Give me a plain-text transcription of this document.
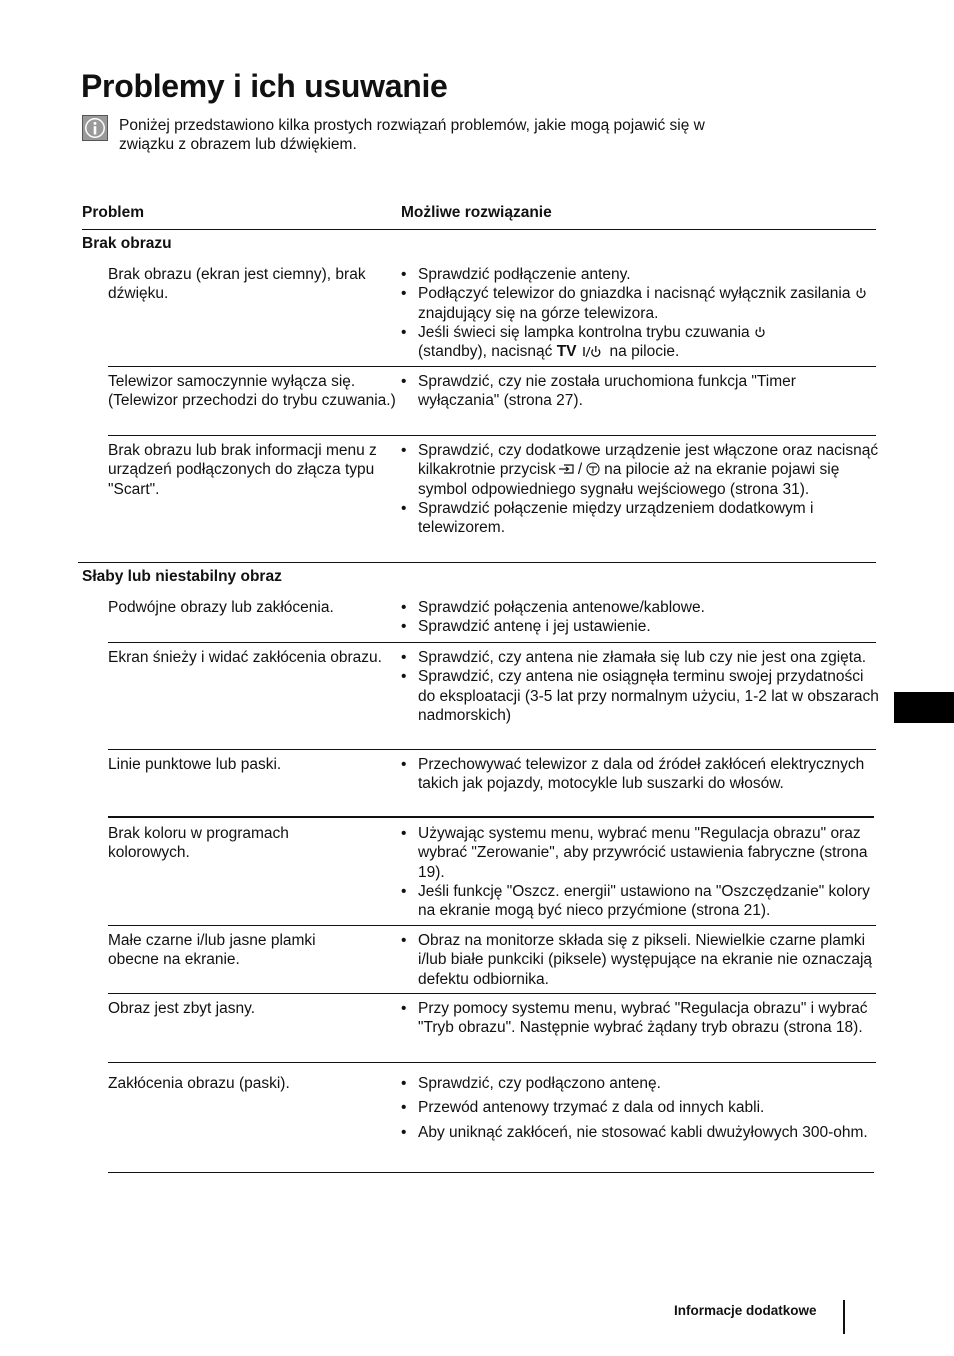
Problemy i ich usuwanie
Poniżej przedstawiono kilka prostych rozwiązań problemów, jakie mogą pojawić się w związku z obrazem lub dźwiękiem.
Problem	Możliwe rozwiązanie
Brak obrazu
Brak obrazu (ekran jest ciemny), brak dźwięku.
• Sprawdzić podłączenie anteny.
• Podłączyć telewizor do gniazdka i nacisnąć wyłącznik zasilania
znajdujący się na górze telewizora.
• Jeśli świeci się lampka kontrolna trybu czuwania

(standby), nacisnąć TV na pilocie.
Telewizor samoczynnie wyłącza się. (Telewizor przechodzi do trybu czuwania.)
• Sprawdzić, czy nie została uruchomiona funkcja "Timer wyłączania" (strona 27).
Brak obrazu lub brak informacji menu z urządzeń podłączonych do złącza typu "Scart".
• Sprawdzić, czy dodatkowe urządzenie jest włączone oraz nacisnąć kilkakrotnie przycisk / na pilocie aż na ekranie pojawi się symbol odpowiedniego sygnału wejściowego (strona 31).
• Sprawdzić połączenie między urządzeniem dodatkowym i telewizorem.
Słaby lub niestabilny obraz
Podwójne obrazy lub zakłócenia.	• Sprawdzić połączenia antenowe/kablowe.
• Sprawdzić antenę i jej ustawienie.
Ekran śnieży i widać zakłócenia obrazu.	• Sprawdzić, czy antena nie złamała się lub czy nie jest ona zgięta.
• Sprawdzić, czy antena nie osiągnęła terminu swojej przydatności do eksploatacji (3-5 lat przy normalnym użyciu, 1-2 lat w obszarach nadmorskich)
Linie punktowe lub paski.	• Przechowywać telewizor z dala od źródeł zakłóceń elektrycznych takich jak pojazdy, motocykle lub suszarki do włosów.
Brak koloru w programach kolorowych.
• Używając systemu menu, wybrać menu "Regulacja obrazu" oraz wybrać "Zerowanie", aby przywrócić ustawienia fabryczne (strona 19).
• Jeśli funkcję "Oszcz. energii" ustawiono na "Oszczędzanie" kolory na ekranie mogą być nieco przyćmione (strona 21).
Małe czarne i/lub jasne plamki obecne na ekranie.
• Obraz na monitorze składa się z pikseli. Niewielkie czarne plamki i/lub białe punkciki (piksele) występujące na ekranie nie oznaczają defektu odbiornika.
Obraz jest zbyt jasny.	• Przy pomocy systemu menu, wybrać "Regulacja obrazu" i wybrać "Tryb obrazu". Następnie wybrać żądany tryb obrazu (strona 18).
Zakłócenia obrazu (paski).	• Sprawdzić, czy podłączono antenę.
• Przewód antenowy trzymać z dala od innych kabli.
• Aby uniknąć zakłóceń, nie stosować kabli dwużyłowych 300-ohm.
Informacje dodatkowe
